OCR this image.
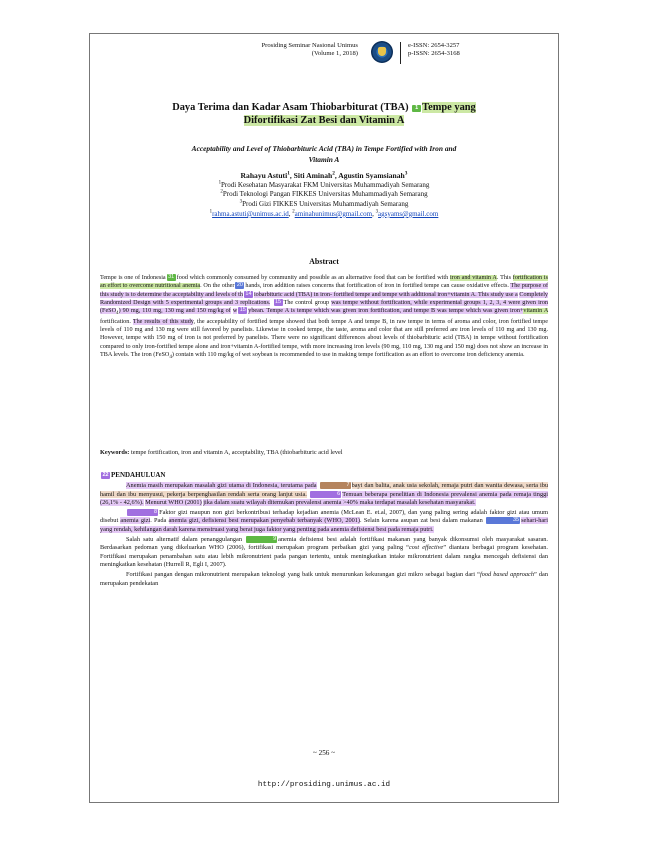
Prosiding Seminar Nasional Unimus
(Volume 1, 2018)
e-ISSN: 2654-3257
p-ISSN: 2654-3168
Daya Terima dan Kadar Asam Thiobarbiturat (TBA) 1 Tempe yang
Difortifikasi Zat Besi dan Vitamin A
Acceptability and Level of Thiobarbituric Acid (TBA) in Tempe Fortified with Iron and
Vitamin A
Rahayu Astuti$^1$, Siti Aminah$^2$, Agustin Syamsianah$^3$
$^1$Prodi Kesehatan Masyarakat FKM Universitas Muhammadiyah Semarang
$^2$Prodi Teknologi Pangan FIKKES Universitas Muhammadiyah Semarang
$^3$Prodi Gizi FIKKES Universitas Muhammadiyah Semarang
$^1$rahma.astuti@unimus.ac.id, $^2$aminahunimus@gmail.com, $^3$agsyams@gmail.com
Abstract
Tempe is one of Indonesia 31 food which commonly consumed by community and possible as an alternative food that can be fortified with iron and vitamin A. This fortification is an effort to overcome nutritional anemia. On the other 20 hands, iron addition raises concerns that fortification of iron in fortified tempe can cause oxidative effects. The purpose of this study is to determine the acceptability and levels of th 14 iobarbituric acid (TBA) in iron- fortified tempe and tempe with additional iron+vitamin A. This study use a Completely Randomized Design with 5 experimental groups and 3 replications. 15 The control group was tempe without fortification, while experimental groups 1, 2, 3, 4 were given iron (FeSO$_4$) 90 mg, 110 mg, 130 mg and 150 mg/kg of w 15 ybean. Tempe A is tempe which was given iron fortification, and tempe B was tempe which was given iron+vitamin A fortification. The results of this study, the acceptability of fortified tempe showed that both tempe A and tempe B, in raw tempe in terms of aroma and color, iron fortified tempe levels of 110 mg and 130 mg were still favored by panelists. Likewise in cooked tempe, the taste, aroma and color that are still preferred are iron levels of 110 mg and 130 mg. However, tempe with 150 mg of iron is not preferred by panelists. There were no significant differences about levels of thiobarbituric acid (TBA) in tempe without fortification compared to only iron-fortified tempe alone and iron+vitamin A-fortified tempe, with more increasing iron levels (90 mg, 110 mg, 130 mg and 150 mg) does not show an increase in TBA levels. The iron (FeSO$_4$) contain with 110 mg/kg of wet soybean is recommended to use in making tempe fortification as an effort to overcome iron deficiency anemia.
Keywords: tempe fortification, iron and vitamin A, acceptability, TBA (thiobarbituric acid level
22 PENDAHULUAN

Anemia masih merupakan masalah gizi utama di Indonesia, terutama pada	7 bayi dan balita, anak usia sekolah, remaja putri dan wanita dewasa, serta ibu hamil dan ibu menyusui, pekerja berpenghasilan rendah serta orang lanjut usia.	6 Temuan beberapa penelitian di Indonesia prevalensi anemia pada remaja tinggi (26,1% - 42,6%). Menurut WHO (2001) jika dalam suatu wilayah ditemukan prevalensi anemia >40% maka terdapat masalah kesehatan masyarakat.

8 Faktor gizi maupun non gizi berkontribusi terhadap kejadian anemia (McLean E. et.al, 2007), dan yang paling sering adalah faktor gizi atau umum disebut anemia gizi. Pada anemia gizi, defisiensi besi merupakan penyebab terbanyak (WHO, 2001). Selain karena asupan zat besi dalam makanan	35 sehari-hari yang rendah, kehilangan darah karena menstruasi yang berat juga faktor yang penting pada anemia defisiensi besi pada remaja putri.

Salah satu alternatif dalam penanggulangan	9 anemia defisiensi besi adalah fortifikasi makanan yang banyak dikonsumsi oleh masyarakat sasaran. Berdasarkan pedoman yang dikeluarkan WHO (2006), fortifikasi merupakan program perbaikan gizi yang paling “cost effective” diantara berbagai program kesehatan. Fortifikasi merupakan penambahan satu atau lebih mikronutrient pada pangan tertentu, untuk meningkatkan intake mikronutrient dalam rangka mencegah defisiensi dan meningkatkan kesehatan (Hurrell R, Egli I, 2007).

Fortifikasi pangan dengan mikronutrient merupakan teknologi yang baik untuk menurunkan kekurangan gizi mikro sebagai bagian dari “food based approach” dan merupakan pendekatan

~ 256 ~
http://prosiding.unimus.ac.id
